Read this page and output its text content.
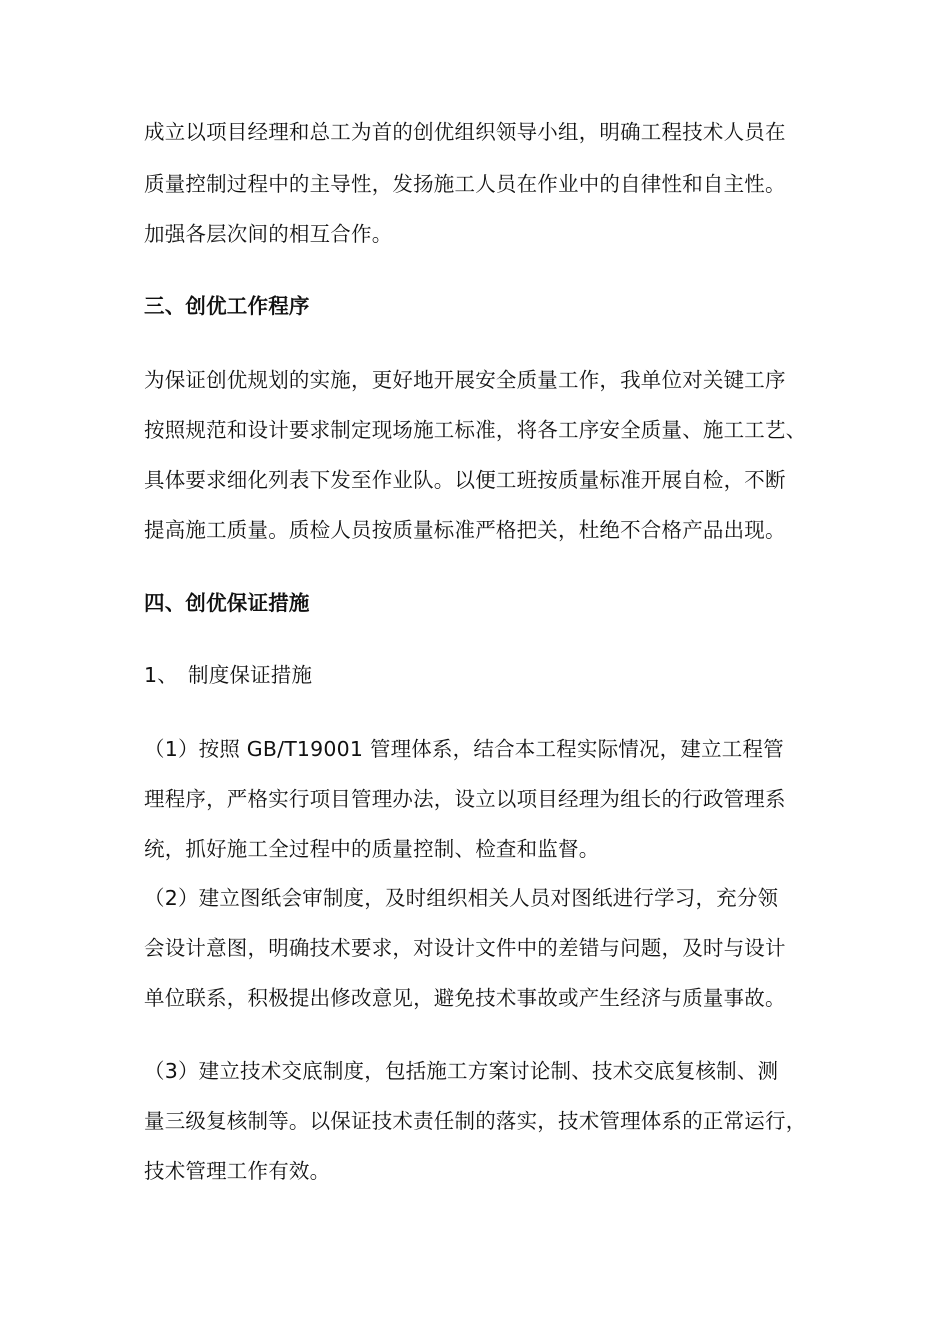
成立以项目经理和总工为首的创优组织领导小组，明确工程技术人员在
质量控制过程中的主导性，发扬施工人员在作业中的自律性和自主性。
加强各层次间的相互合作。
三、创优工作程序
为保证创优规划的实施，更好地开展安全质量工作，我单位对关键工序
按照规范和设计要求制定现场施工标准，将各工序安全质量、施工工艺、
具体要求细化列表下发至作业队。以便工班按质量标准开展自检，不断
提高施工质量。质检人员按质量标准严格把关，杜绝不合格产品出现。
四、创优保证措施
1、 制度保证措施
（1）按照 GB/T19001 管理体系，结合本工程实际情况，建立工程管
理程序，严格实行项目管理办法，设立以项目经理为组长的行政管理系
统，抓好施工全过程中的质量控制、检查和监督。
（2）建立图纸会审制度，及时组织相关人员对图纸进行学习，充分领
会设计意图，明确技术要求，对设计文件中的差错与问题，及时与设计
单位联系，积极提出修改意见，避免技术事故或产生经济与质量事故。
（3）建立技术交底制度，包括施工方案讨论制、技术交底复核制、测
量三级复核制等。以保证技术责任制的落实，技术管理体系的正常运行，
技术管理工作有效。
